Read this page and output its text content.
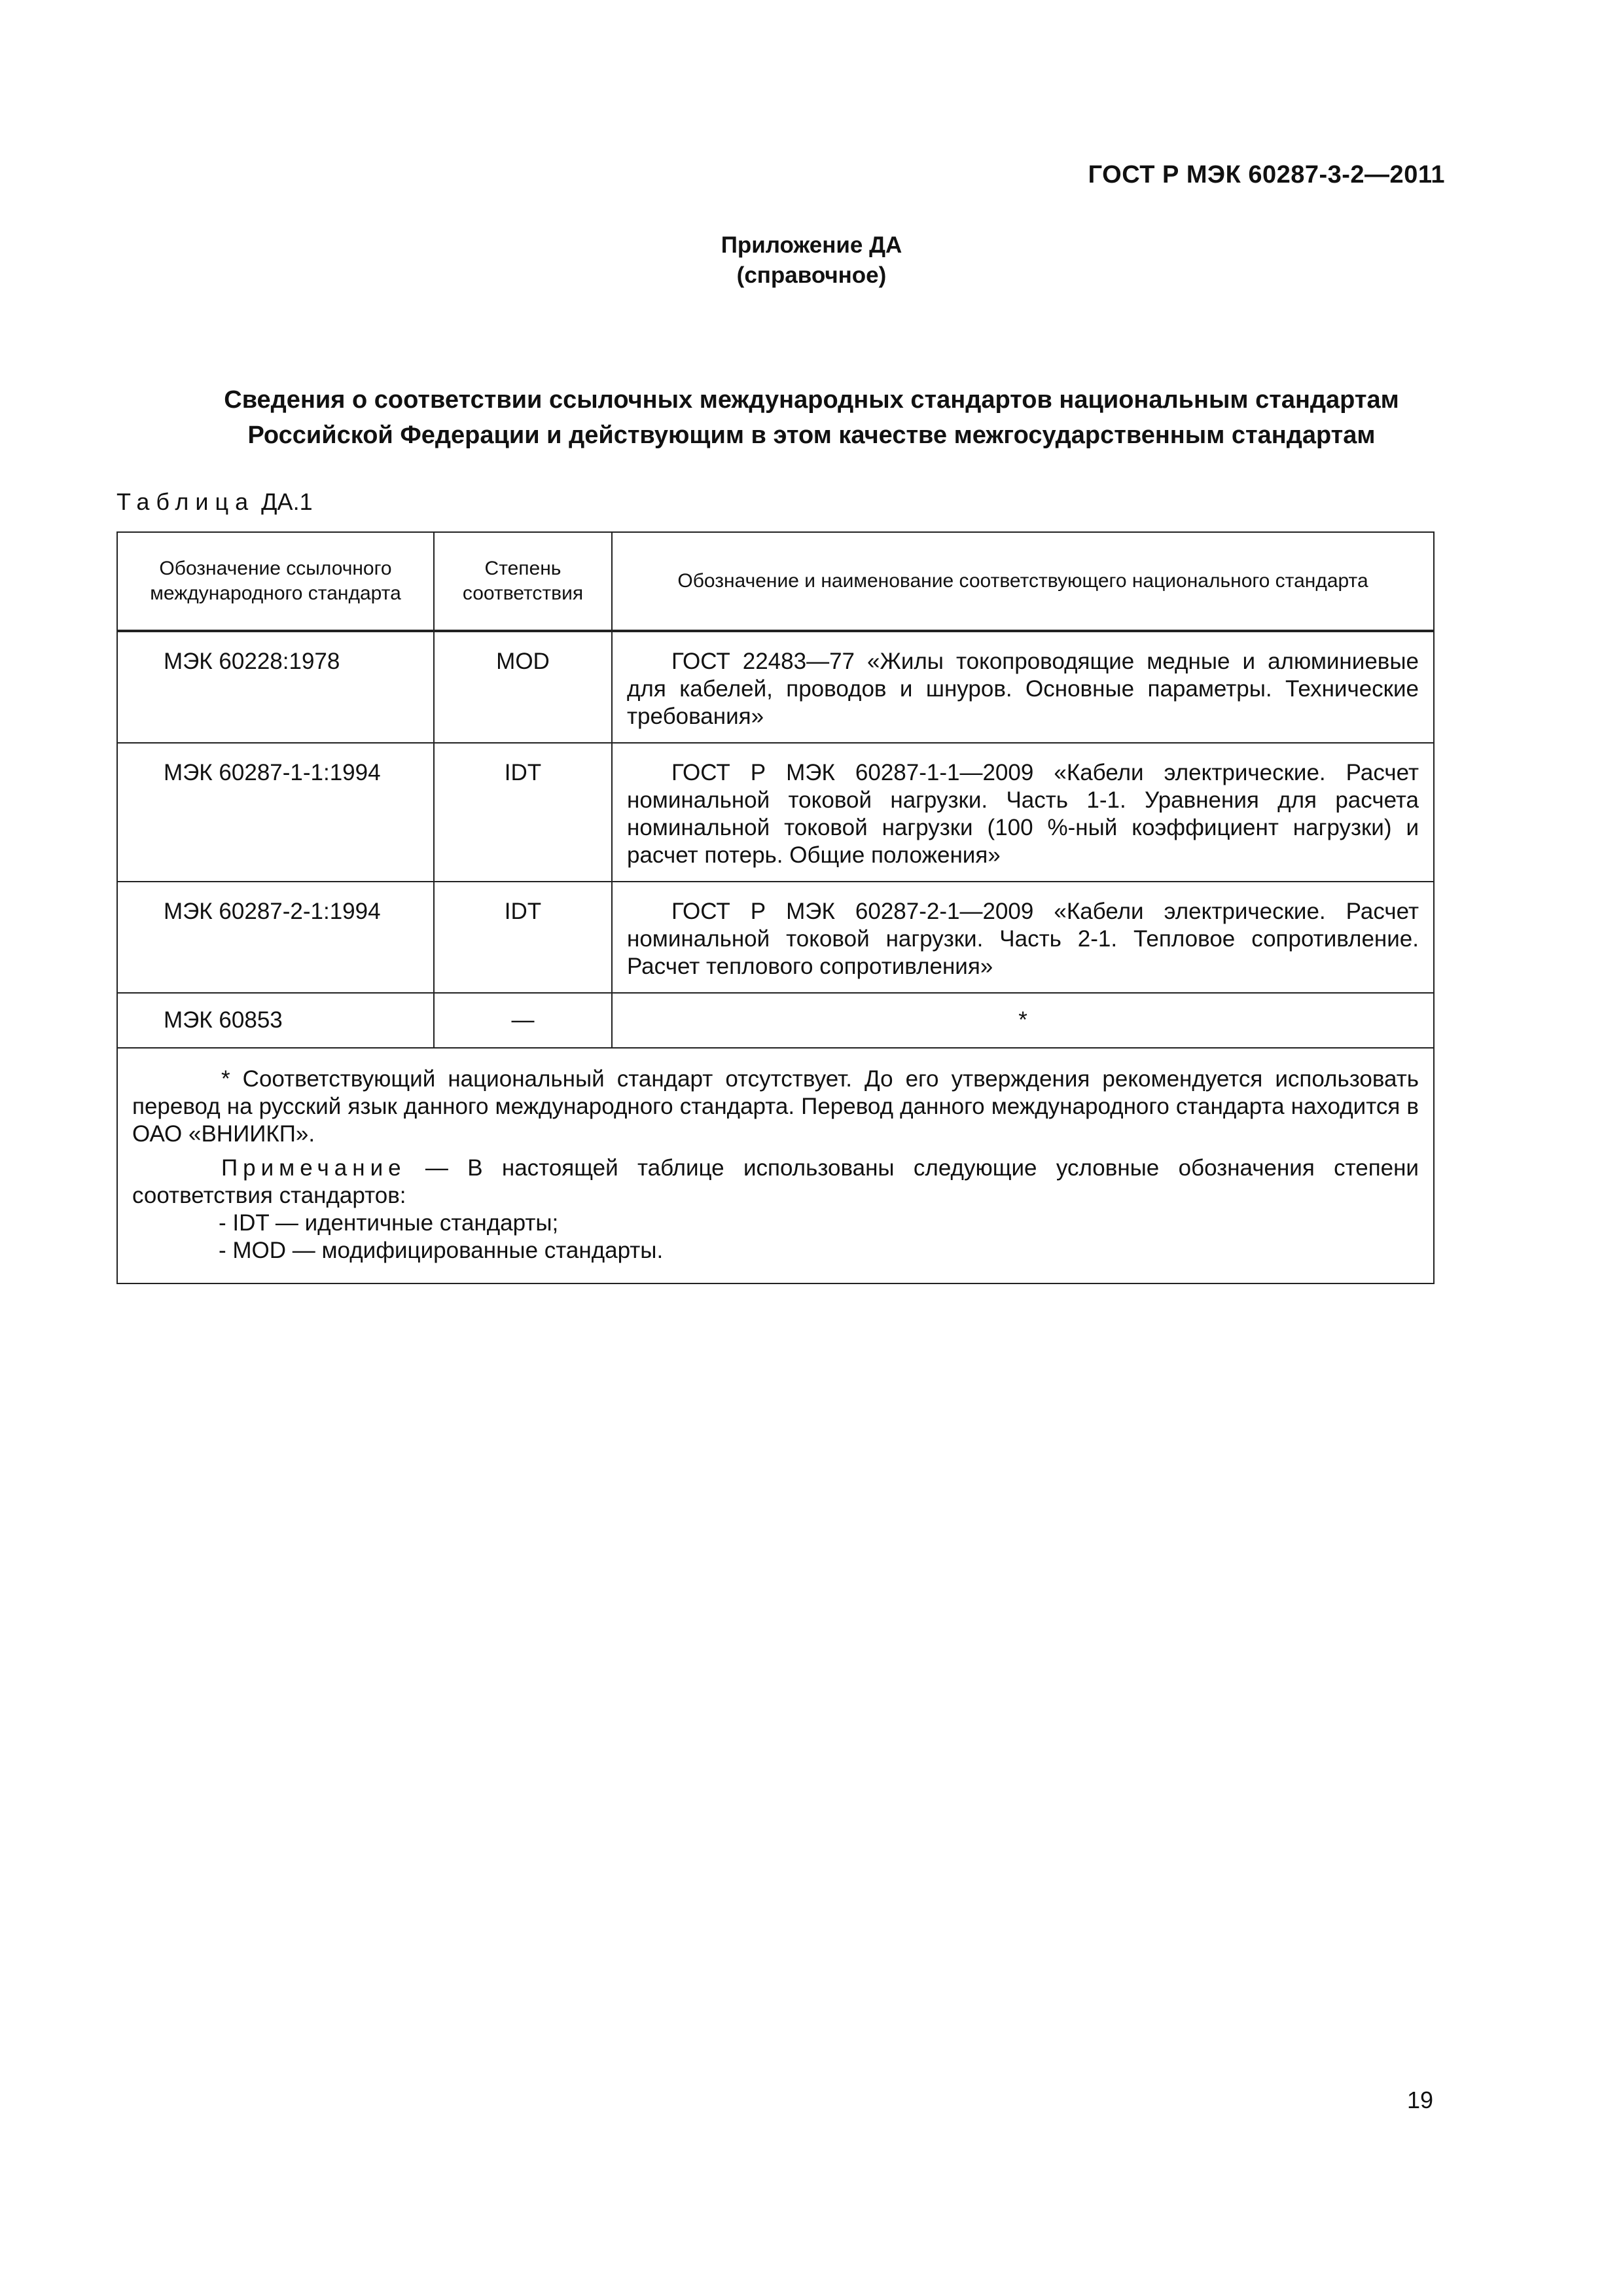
ГОСТ Р МЭК 60287-3-2—2011
Приложение ДА
(справочное)
Сведения о соответствии ссылочных международных стандартов национальным стандартам
Российской Федерации и действующим в этом качестве межгосударственным стандартам
Таблица ДА.1
Обозначение ссылочного международного стандарта	Степень соответствия	Обозначение и наименование соответствующего национального стандарта
МЭК 60228:1978	MOD	ГОСТ 22483—77 «Жилы токопроводящие медные и алюминиевые для кабелей, проводов и шнуров. Основные параметры. Технические требования»
МЭК 60287-1-1:1994	IDT	ГОСТ Р МЭК 60287-1-1—2009 «Кабели электрические. Расчет номинальной токовой нагрузки. Часть 1-1. Уравнения для расчета номинальной токовой нагрузки (100 %-ный коэффициент нагрузки) и расчет потерь. Общие положения»
МЭК 60287-2-1:1994	IDT	ГОСТ Р МЭК 60287-2-1—2009 «Кабели электрические. Расчет номинальной токовой нагрузки. Часть 2-1. Тепловое сопротивление. Расчет теплового сопротивления»
МЭК 60853	—	*

* Соответствующий национальный стандарт отсутствует. До его утверждения рекомендуется использовать перевод на русский язык данного международного стандарта. Перевод данного международного стандарта находится в ОАО «ВНИИКП».

Примечание — В настоящей таблице использованы следующие условные обозначения степени соответствия стандартов:

- IDT — идентичные стандарты;

- MOD — модифицированные стандарты.		

19
